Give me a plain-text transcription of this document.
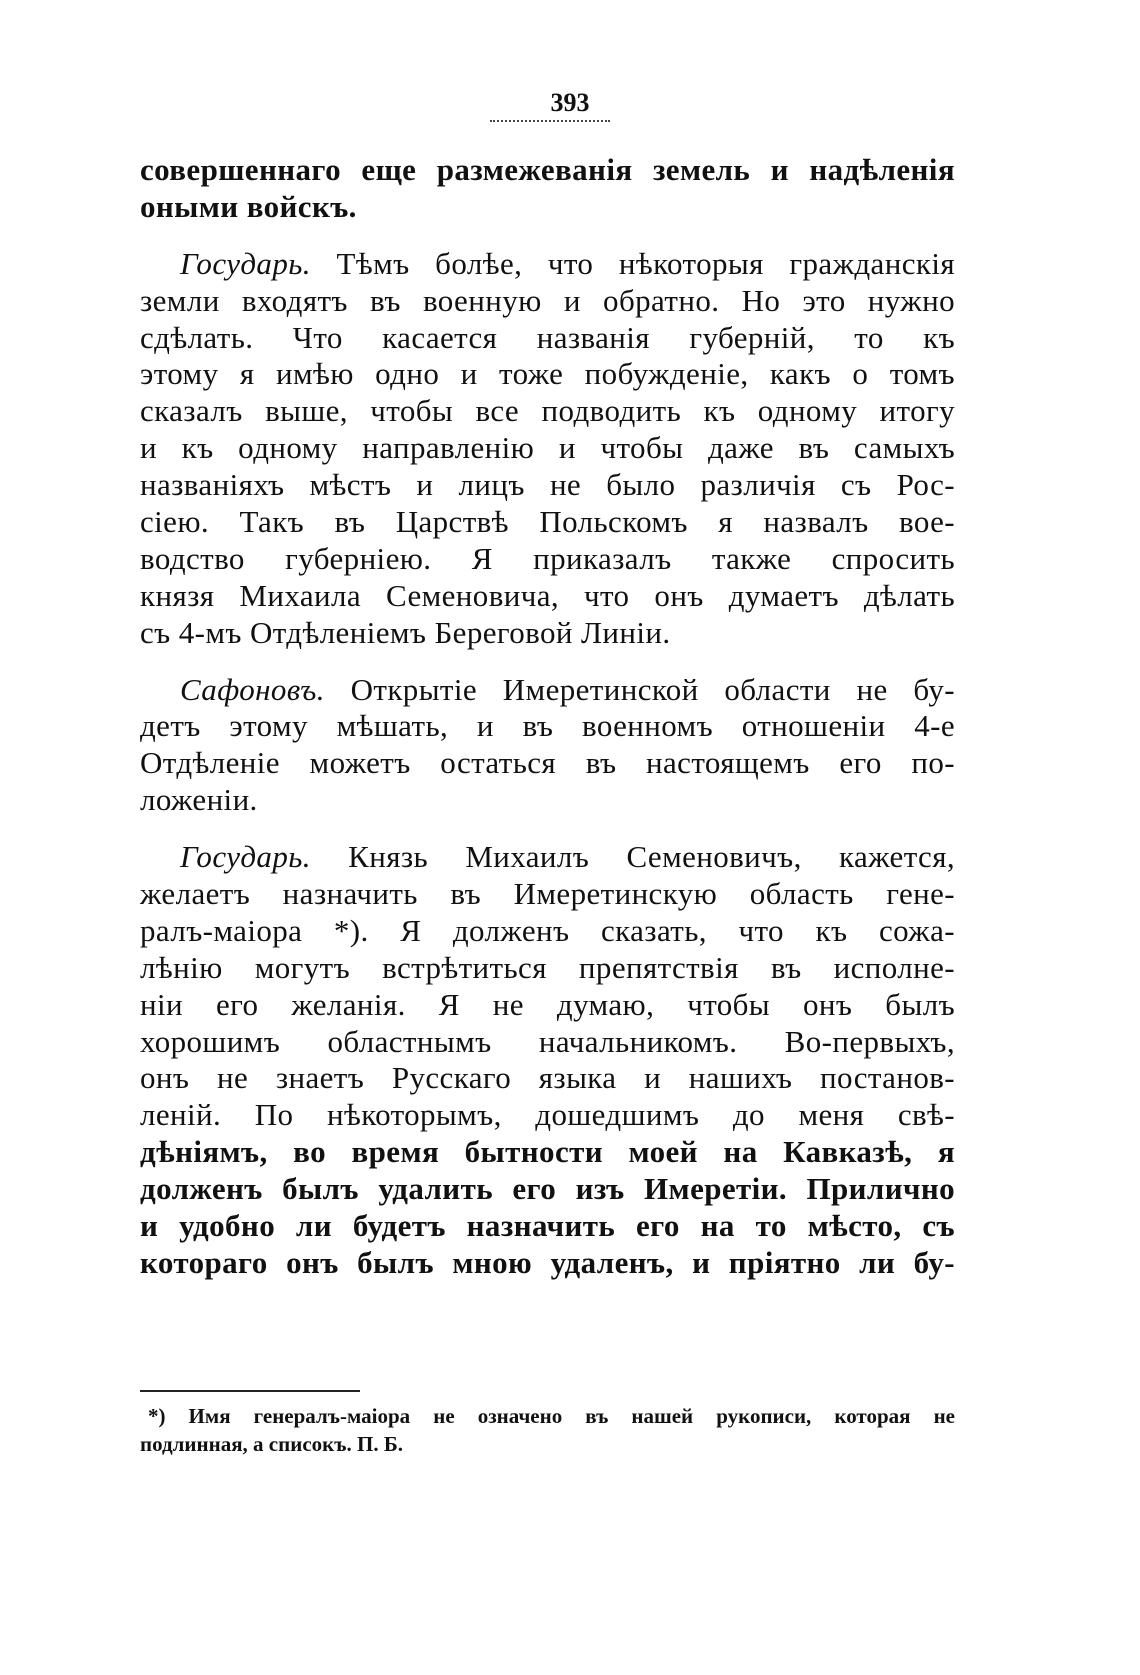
393
совершеннаго еще размежеванія земель и надѣленія
оными войскъ.
Государь. Тѣмъ болѣе, что нѣкоторыя гражданскія
земли входятъ въ военную и обратно. Но это нужно
сдѣлать. Что касается названія губерній, то къ
этому я имѣю одно и тоже побужденіе, какъ о томъ
сказалъ выше, чтобы все подводить къ одному итогу
и къ одному направленію и чтобы даже въ самыхъ
названіяхъ мѣстъ и лицъ не было различія съ Рос-
сіею. Такъ въ Царствѣ Польскомъ я назвалъ вое-
водство губерніею. Я приказалъ также спросить
князя Михаила Семеновича, что онъ думаетъ дѣлать
съ 4-мъ Отдѣленіемъ Береговой Линіи.
Сафоновъ. Открытіе Имеретинской области не бу-
детъ этому мѣшать, и въ военномъ отношеніи 4-е
Отдѣленіе можетъ остаться въ настоящемъ его по-
ложеніи.
Государь. Князь Михаилъ Семеновичъ, кажется,
желаетъ назначить въ Имеретинскую область гене-
ралъ-маіора *). Я долженъ сказать, что къ сожа-
лѣнію могутъ встрѣтиться препятствія въ исполне-
ніи его желанія. Я не думаю, чтобы онъ былъ
хорошимъ областнымъ начальникомъ. Во-первыхъ,
онъ не знаетъ Русскаго языка и нашихъ постанов-
леній. По нѣкоторымъ, дошедшимъ до меня свѣ-
дѣніямъ, во время бытности моей на Кавказѣ, я
долженъ былъ удалить его изъ Имеретіи. Прилично
и удобно ли будетъ назначить его на то мѣсто, съ
котораго онъ былъ мною удаленъ, и пріятно ли бу-
*) Имя генералъ-маіора не означено въ нашей рукописи, которая не
подлинная, а списокъ. П. Б.
